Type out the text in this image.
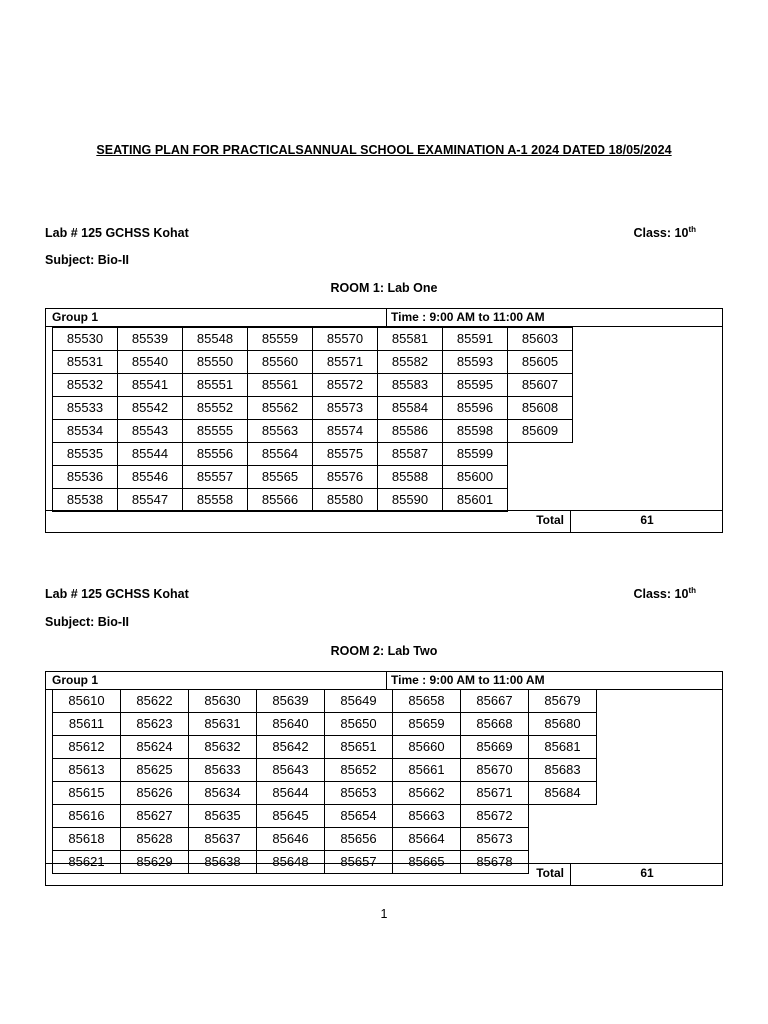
SEATING PLAN FOR PRACTICALSANNUAL SCHOOL EXAMINATION A-1 2024 DATED 18/05/2024
Lab # 125 GCHSS Kohat	Class: 10th
Subject: Bio-II
ROOM 1: Lab One
Group 1	Time : 9:00 AM to 11:00 AM
Total	61
85530	85539	85548	85559	85570	85581	85591	85603
85531	85540	85550	85560	85571	85582	85593	85605
85532	85541	85551	85561	85572	85583	85595	85607
85533	85542	85552	85562	85573	85584	85596	85608
85534	85543	85555	85563	85574	85586	85598	85609
85535	85544	85556	85564	85575	85587	85599	
85536	85546	85557	85565	85576	85588	85600	
85538	85547	85558	85566	85580	85590	85601	
Lab # 125 GCHSS Kohat	Class: 10th
Subject: Bio-II
ROOM 2: Lab Two
Group 1	Time : 9:00 AM to 11:00 AM
Total	61
85610	85622	85630	85639	85649	85658	85667	85679
85611	85623	85631	85640	85650	85659	85668	85680
85612	85624	85632	85642	85651	85660	85669	85681
85613	85625	85633	85643	85652	85661	85670	85683
85615	85626	85634	85644	85653	85662	85671	85684
85616	85627	85635	85645	85654	85663	85672	
85618	85628	85637	85646	85656	85664	85673	
85621	85629	85638	85648	85657	85665	85678	
1
